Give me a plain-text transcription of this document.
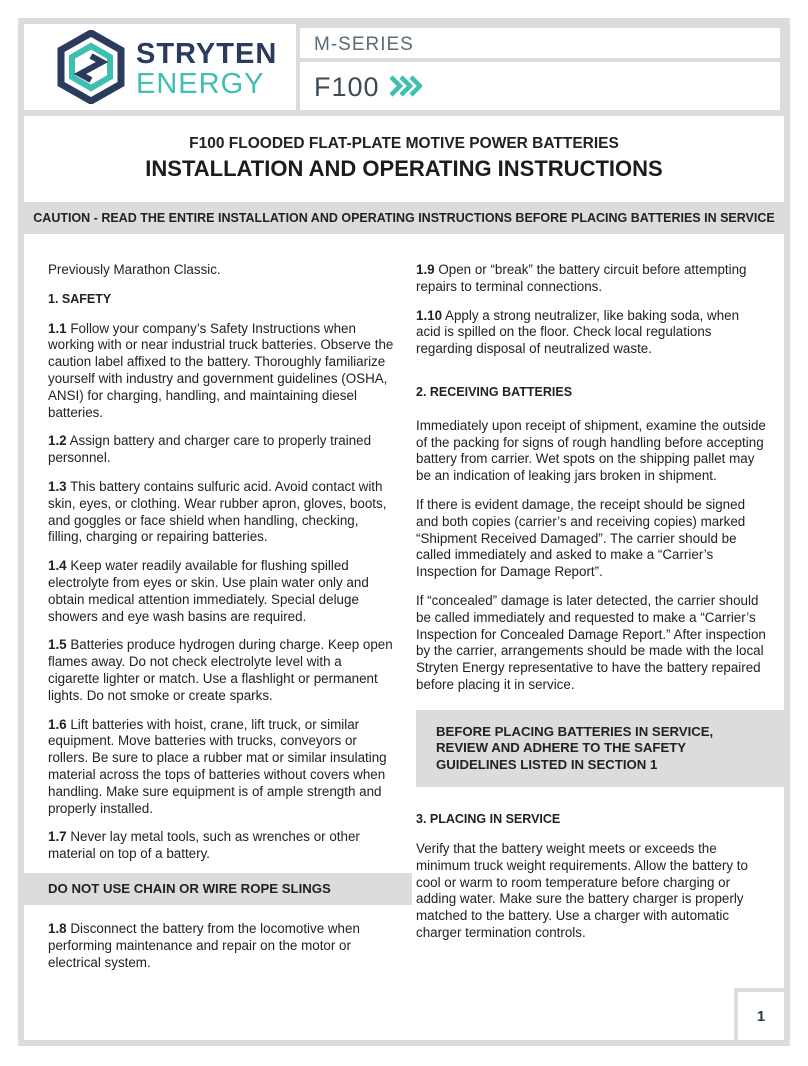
STRYTEN
ENERGY
M-SERIES
F100
F100 FLOODED FLAT-PLATE MOTIVE POWER BATTERIES
INSTALLATION AND OPERATING INSTRUCTIONS
CAUTION - READ THE ENTIRE INSTALLATION AND OPERATING INSTRUCTIONS BEFORE PLACING BATTERIES IN SERVICE

Previously Marathon Classic.

1. SAFETY

1.1 Follow your company’s Safety Instructions when working with or near industrial truck batteries. Observe the caution label affixed to the battery. Thoroughly familiarize yourself with industry and government guidelines (OSHA, ANSI) for charging, handling, and maintaining diesel batteries.

1.2 Assign battery and charger care to properly trained personnel.

1.3 This battery contains sulfuric acid. Avoid contact with skin, eyes, or clothing. Wear rubber apron, gloves, boots, and goggles or face shield when handling, checking, filling, charging or repairing batteries.

1.4 Keep water readily available for flushing spilled electrolyte from eyes or skin. Use plain water only and obtain medical attention immediately. Special deluge showers and eye wash basins are required.

1.5 Batteries produce hydrogen during charge. Keep open flames away. Do not check electrolyte level with a cigarette lighter or match. Use a flashlight or permanent lights. Do not smoke or create sparks.

1.6 Lift batteries with hoist, crane, lift truck, or similar equipment. Move batteries with trucks, conveyors or rollers. Be sure to place a rubber mat or similar insulating material across the tops of batteries without covers when handling. Make sure equipment is of ample strength and properly installed.

1.7 Never lay metal tools, such as wrenches or other material on top of a battery.

DO NOT USE CHAIN OR WIRE ROPE SLINGS

1.8 Disconnect the battery from the locomotive when performing maintenance and repair on the motor or electrical system.

1.9 Open or “break” the battery circuit before attempting repairs to terminal connections.

1.10 Apply a strong neutralizer, like baking soda, when acid is spilled on the floor. Check local regulations regarding disposal of neutralized waste.

2. RECEIVING BATTERIES

Immediately upon receipt of shipment, examine the outside of the packing for signs of rough handling before accepting battery from carrier. Wet spots on the shipping pallet may be an indication of leaking jars broken in shipment.

If there is evident damage, the receipt should be signed and both copies (carrier’s and receiving copies) marked “Shipment Received Damaged”. The carrier should be called immediately and asked to make a “Carrier’s Inspection for Damage Report”.

If “concealed” damage is later detected, the carrier should be called immediately and requested to make a “Carrier’s Inspection for Concealed Damage Report.” After inspection by the carrier, arrangements should be made with the local Stryten Energy representative to have the battery repaired before placing it in service.

BEFORE PLACING BATTERIES IN SERVICE, REVIEW AND ADHERE TO THE SAFETY GUIDELINES LISTED IN SECTION 1

3. PLACING IN SERVICE

Verify that the battery weight meets or exceeds the minimum truck weight requirements. Allow the battery to cool or warm to room temperature before charging or adding water. Make sure the battery charger is properly matched to the battery. Use a charger with automatic charger termination controls.

1
